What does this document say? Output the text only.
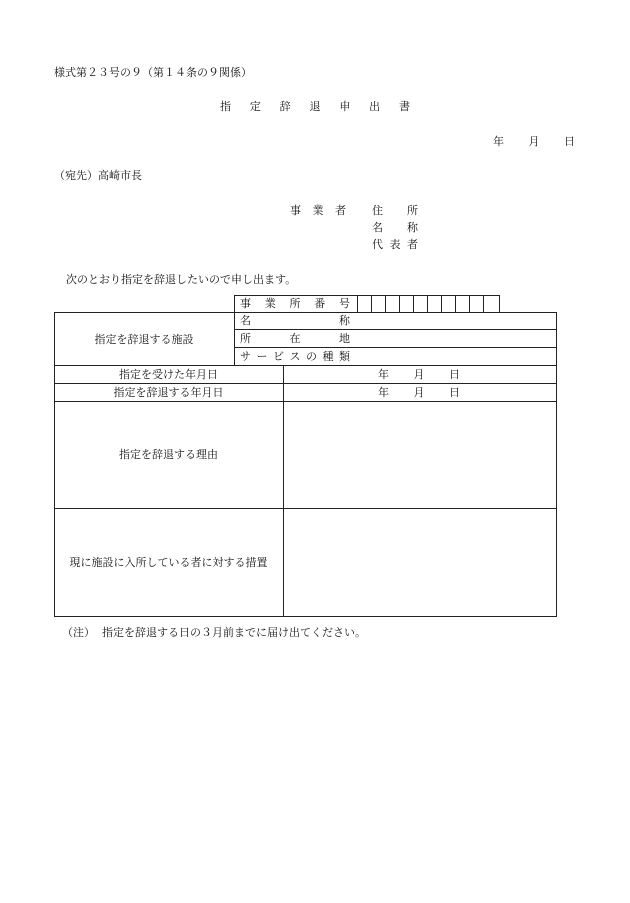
様式第２３号の９（第１４条の９関係）
指 定 辞 退 申 出 書
年 月 日
（宛先）高崎市長
事 業 者 住 所
名 称
代 表 者
次のとおり指定を辞退したいので申し出ます。
事 業 所 番 号
指定を辞退する施設
名	称
所	在	地
サ ー ビ ス の 種 類
指定を受けた年月日	年 月 日
指定を辞退する年月日	年 月 日
指定を辞退する理由
現に施設に入所している者に対する措置
（注） 指定を辞退する日の３月前までに届け出てください。
